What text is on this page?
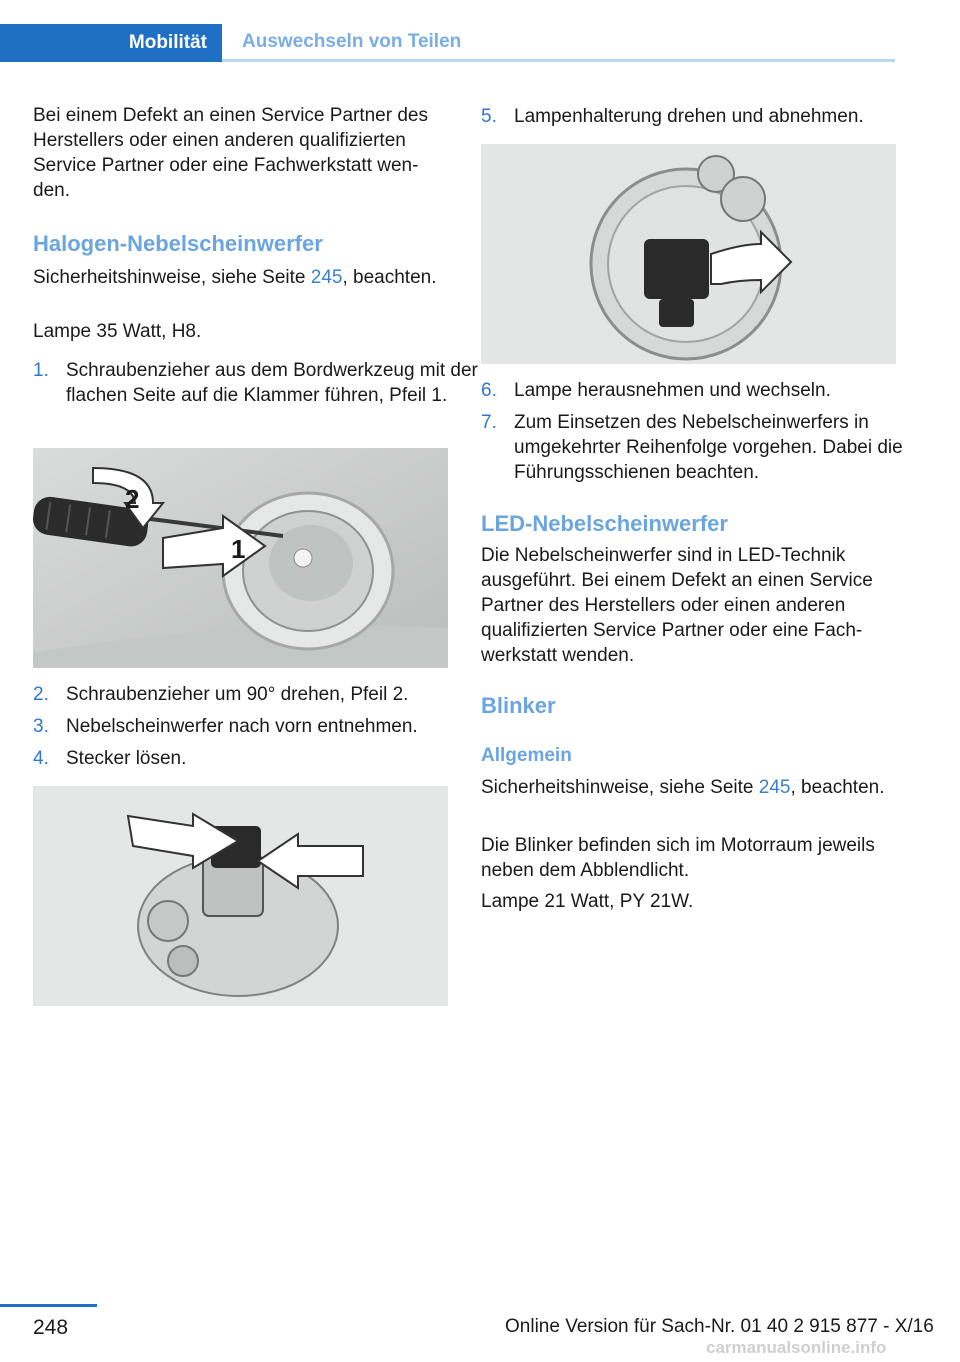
Mobilität Auswechseln von Teilen

Bei einem Defekt an einen Service Partner des Herstellers oder einen anderen qualifizierten Service Partner oder eine Fachwerkstatt wenden.

Halogen-Nebelscheinwerfer

Sicherheitshinweise, siehe Seite 245, beachten.

Lampe 35 Watt, H8.

1. Schraubenzieher aus dem Bordwerkzeug mit der flachen Seite auf die Klammer führen, Pfeil 1.
1
2
2. Schraubenzieher um 90° drehen, Pfeil 2.
3. Nebelscheinwerfer nach vorn entnehmen.
4. Stecker lösen.
5. Lampenhalterung drehen und abnehmen.
6. Lampe herausnehmen und wechseln.
7. Zum Einsetzen des Nebelscheinwerfers in umgekehrter Reihenfolge vorgehen. Dabei die Führungsschienen beachten.

LED-Nebelscheinwerfer

Die Nebelscheinwerfer sind in LED-Technik ausgeführt. Bei einem Defekt an einen Service Partner des Herstellers oder einen anderen qualifizierten Service Partner oder eine Fachwerkstatt wenden.

Blinker

Allgemein

Sicherheitshinweise, siehe Seite 245, beachten.

Die Blinker befinden sich im Motorraum jeweils neben dem Abblendlicht.

Lampe 21 Watt, PY 21W.

248	Online Version für Sach-Nr. 01 40 2 915 877 - X/16
carmanualsonline.info
